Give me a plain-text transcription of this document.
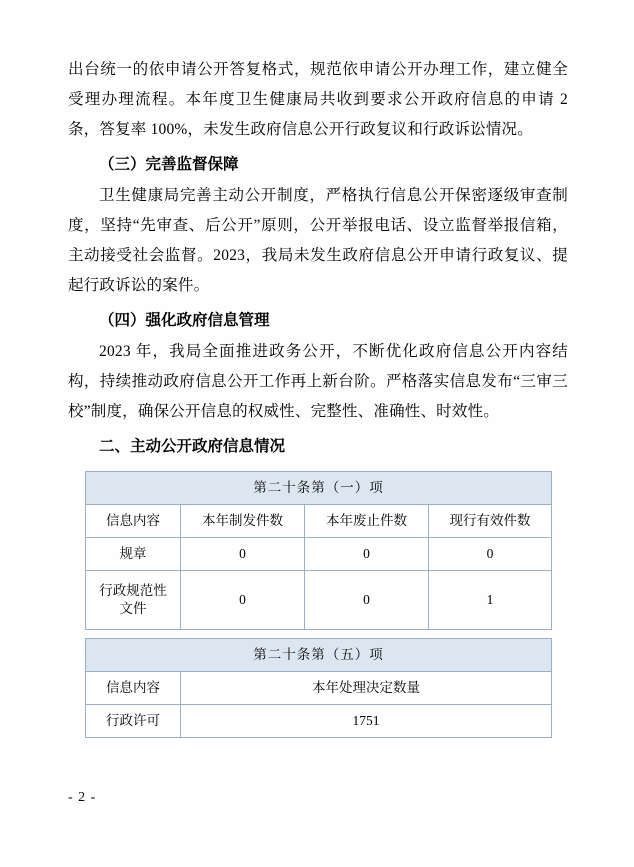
出台统一的依申请公开答复格式，规范依申请公开办理工作，建立健全受理办理流程。本年度卫生健康局共收到要求公开政府信息的申请 2 条，答复率 100%，未发生政府信息公开行政复议和行政诉讼情况。

（三）完善监督保障

卫生健康局完善主动公开制度，严格执行信息公开保密逐级审查制度，坚持“先审查、后公开”原则，公开举报电话、设立监督举报信箱，主动接受社会监督。2023，我局未发生政府信息公开申请行政复议、提起行政诉讼的案件。

（四）强化政府信息管理

2023 年，我局全面推进政务公开，不断优化政府信息公开内容结构，持续推动政府信息公开工作再上新台阶。严格落实信息发布“三审三校”制度，确保公开信息的权威性、完整性、准确性、时效性。

二、主动公开政府信息情况
第二十条第（一）项			
信息内容	本年制发件数	本年废止件数	现行有效件数
规章	0	0	0
行政规范性
文件	0	0	1
第二十条第（五）项	
信息内容	本年处理决定数量
行政许可	1751
- 2 -
